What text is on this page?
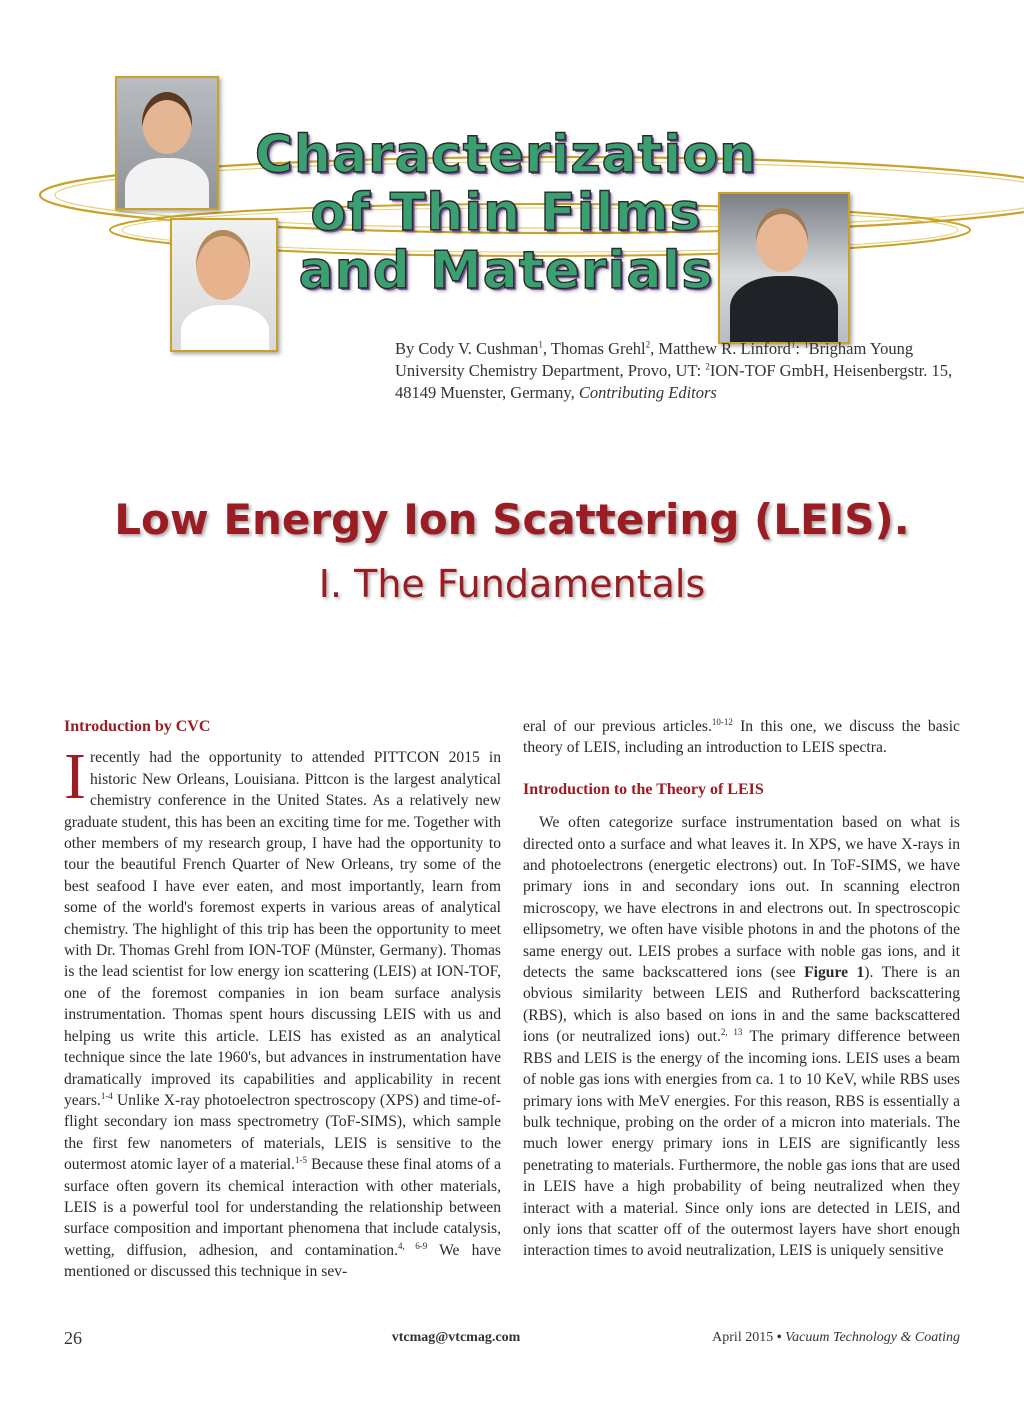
Characterization
of Thin Films
and Materials
By Cody V. Cushman$^1$, Thomas Grehl$^2$, Matthew R. Linford$^1$: $^1$Brigham Young University Chemistry Department, Provo, UT: $^2$ION-TOF GmbH, Heisenbergstr. 15, 48149 Muenster, Germany, Contributing Editors
Low Energy Ion Scattering (LEIS).
I. The Fundamentals
Introduction by CVC

I recently had the opportunity to attended PITTCON 2015 in historic New Orleans, Louisiana. Pittcon is the largest analytical chemistry conference in the United States. As a relatively new graduate student, this has been an exciting time for me. Together with other members of my research group, I have had the opportunity to tour the beautiful French Quarter of New Orleans, try some of the best seafood I have ever eaten, and most importantly, learn from some of the world's foremost experts in various areas of analytical chemistry. The highlight of this trip has been the opportunity to meet with Dr. Thomas Grehl from ION-TOF (Münster, Germany). Thomas is the lead scientist for low energy ion scattering (LEIS) at ION-TOF, one of the foremost companies in ion beam surface analysis instrumentation. Thomas spent hours discussing LEIS with us and helping us write this article. LEIS has existed as an analytical technique since the late 1960's, but advances in instrumentation have dramatically improved its capabilities and applicability in recent years.$^{1-4}$ Unlike X-ray photoelectron spectroscopy (XPS) and time-of-flight secondary ion mass spectrometry (ToF-SIMS), which sample the first few nanometers of materials, LEIS is sensitive to the outermost atomic layer of a material.$^{1-5}$ Because these final atoms of a surface often govern its chemical interaction with other materials, LEIS is a powerful tool for understanding the relationship between surface composition and important phenomena that include catalysis, wetting, diffusion, adhesion, and contamination.$^{4, 6-9}$ We have mentioned or discussed this technique in sev-

eral of our previous articles.$^{10-12}$ In this one, we discuss the basic theory of LEIS, including an introduction to LEIS spectra.

Introduction to the Theory of LEIS

We often categorize surface instrumentation based on what is directed onto a surface and what leaves it. In XPS, we have X-rays in and photoelectrons (energetic electrons) out. In ToF-SIMS, we have primary ions in and secondary ions out. In scanning electron microscopy, we have electrons in and electrons out. In spectroscopic ellipsometry, we often have visible photons in and the photons of the same energy out. LEIS probes a surface with noble gas ions, and it detects the same backscattered ions (see Figure 1). There is an obvious similarity between LEIS and Rutherford backscattering (RBS), which is also based on ions in and the same backscattered ions (or neutralized ions) out.$^{2, 13}$ The primary difference between RBS and LEIS is the energy of the incoming ions. LEIS uses a beam of noble gas ions with energies from ca. 1 to 10 KeV, while RBS uses primary ions with MeV energies. For this reason, RBS is essentially a bulk technique, probing on the order of a micron into materials. The much lower energy primary ions in LEIS are significantly less penetrating to materials. Furthermore, the noble gas ions that are used in LEIS have a high probability of being neutralized when they interact with a material. Since only ions are detected in LEIS, and only ions that scatter off of the outermost layers have short enough interaction times to avoid neutralization, LEIS is uniquely sensitive

26	vtcmag@vtcmag.com	April 2015 • Vacuum Technology & Coating
